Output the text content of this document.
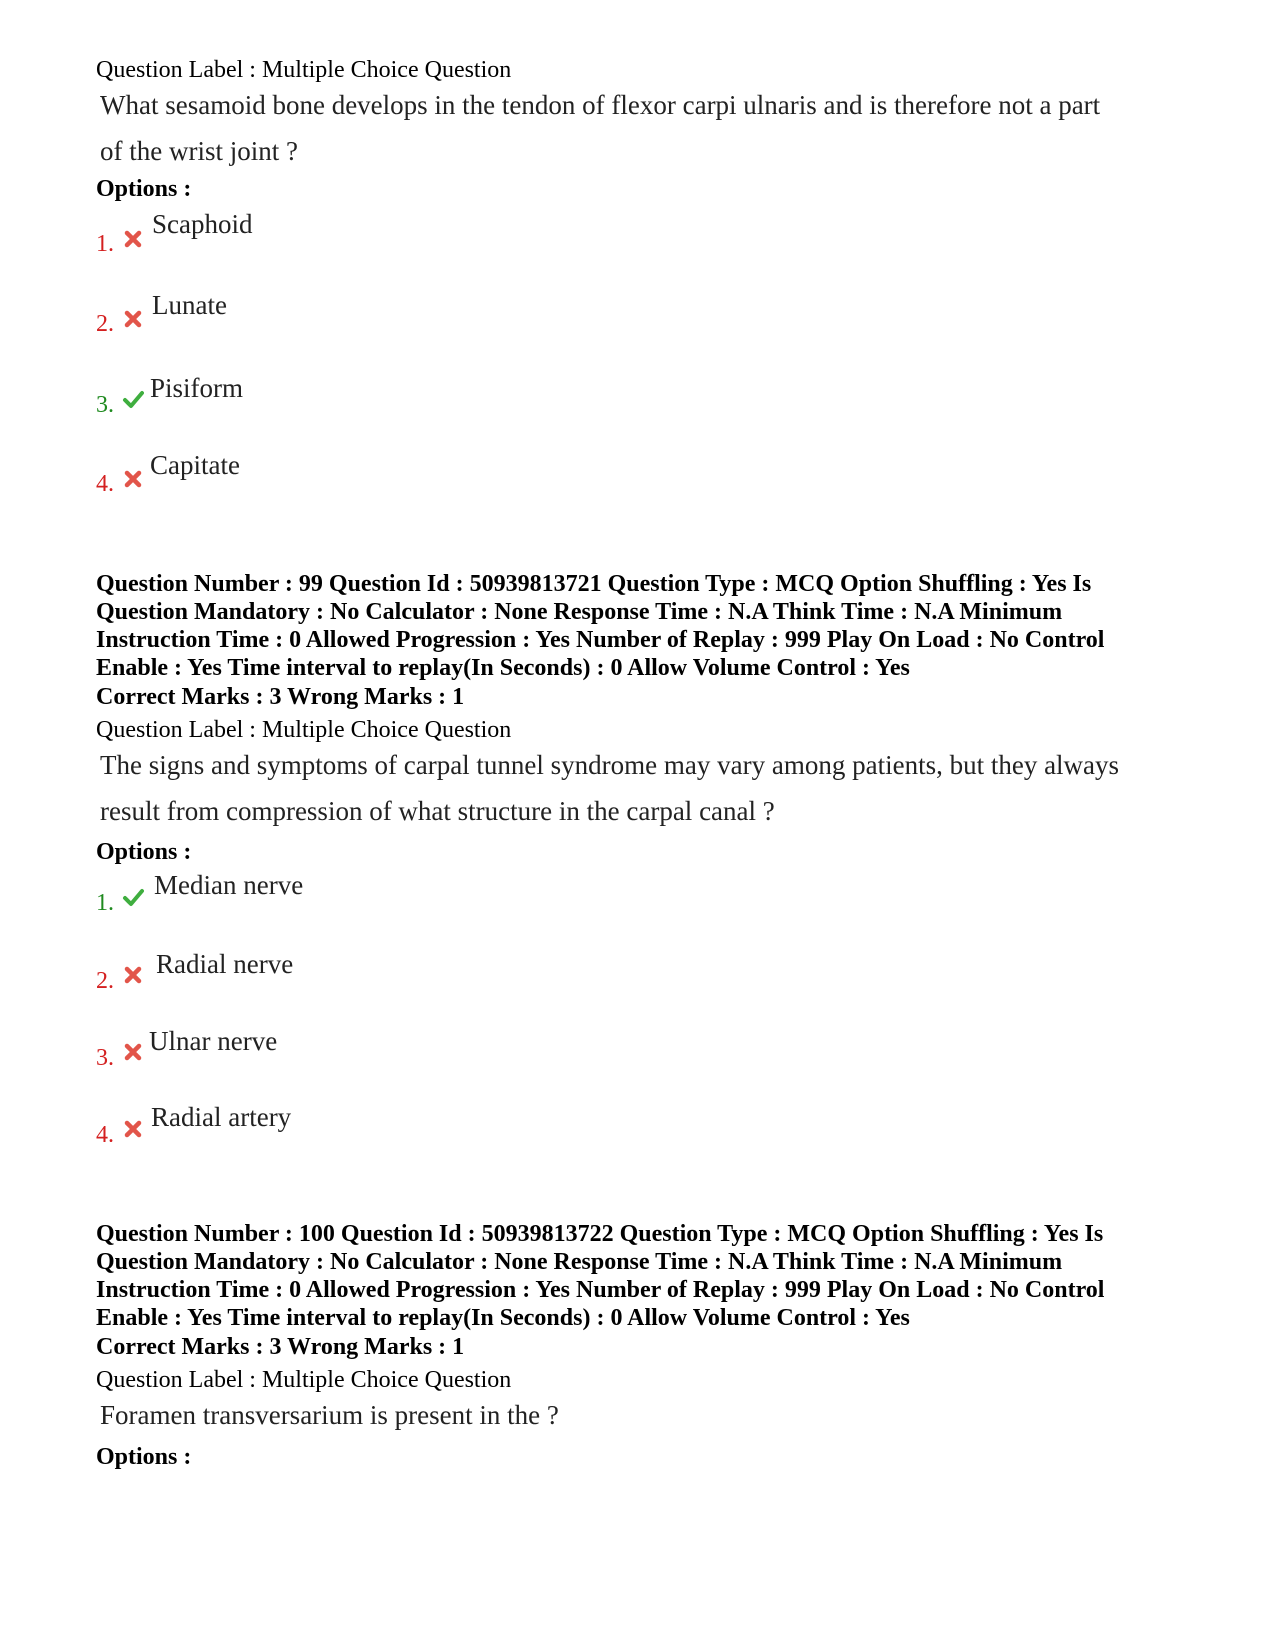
Question Label : Multiple Choice Question
What sesamoid bone develops in the tendon of flexor carpi ulnaris and is therefore not a part of the wrist joint ?
Options :
1.
Scaphoid
2.
Lunate
3.
Pisiform
4.
Capitate
Question Number : 99 Question Id : 50939813721 Question Type : MCQ Option Shuffling : Yes Is
Question Mandatory : No Calculator : None Response Time : N.A Think Time : N.A Minimum
Instruction Time : 0 Allowed Progression : Yes Number of Replay : 999 Play On Load : No Control
Enable : Yes Time interval to replay(In Seconds) : 0 Allow Volume Control : Yes
Correct Marks : 3 Wrong Marks : 1
Question Label : Multiple Choice Question
The signs and symptoms of carpal tunnel syndrome may vary among patients, but they always result from compression of what structure in the carpal canal ?
Options :
1.
Median nerve
2.
Radial nerve
3.
Ulnar nerve
4.
Radial artery
Question Number : 100 Question Id : 50939813722 Question Type : MCQ Option Shuffling : Yes Is
Question Mandatory : No Calculator : None Response Time : N.A Think Time : N.A Minimum
Instruction Time : 0 Allowed Progression : Yes Number of Replay : 999 Play On Load : No Control
Enable : Yes Time interval to replay(In Seconds) : 0 Allow Volume Control : Yes
Correct Marks : 3 Wrong Marks : 1
Question Label : Multiple Choice Question
Foramen transversarium is present in the ?
Options :
